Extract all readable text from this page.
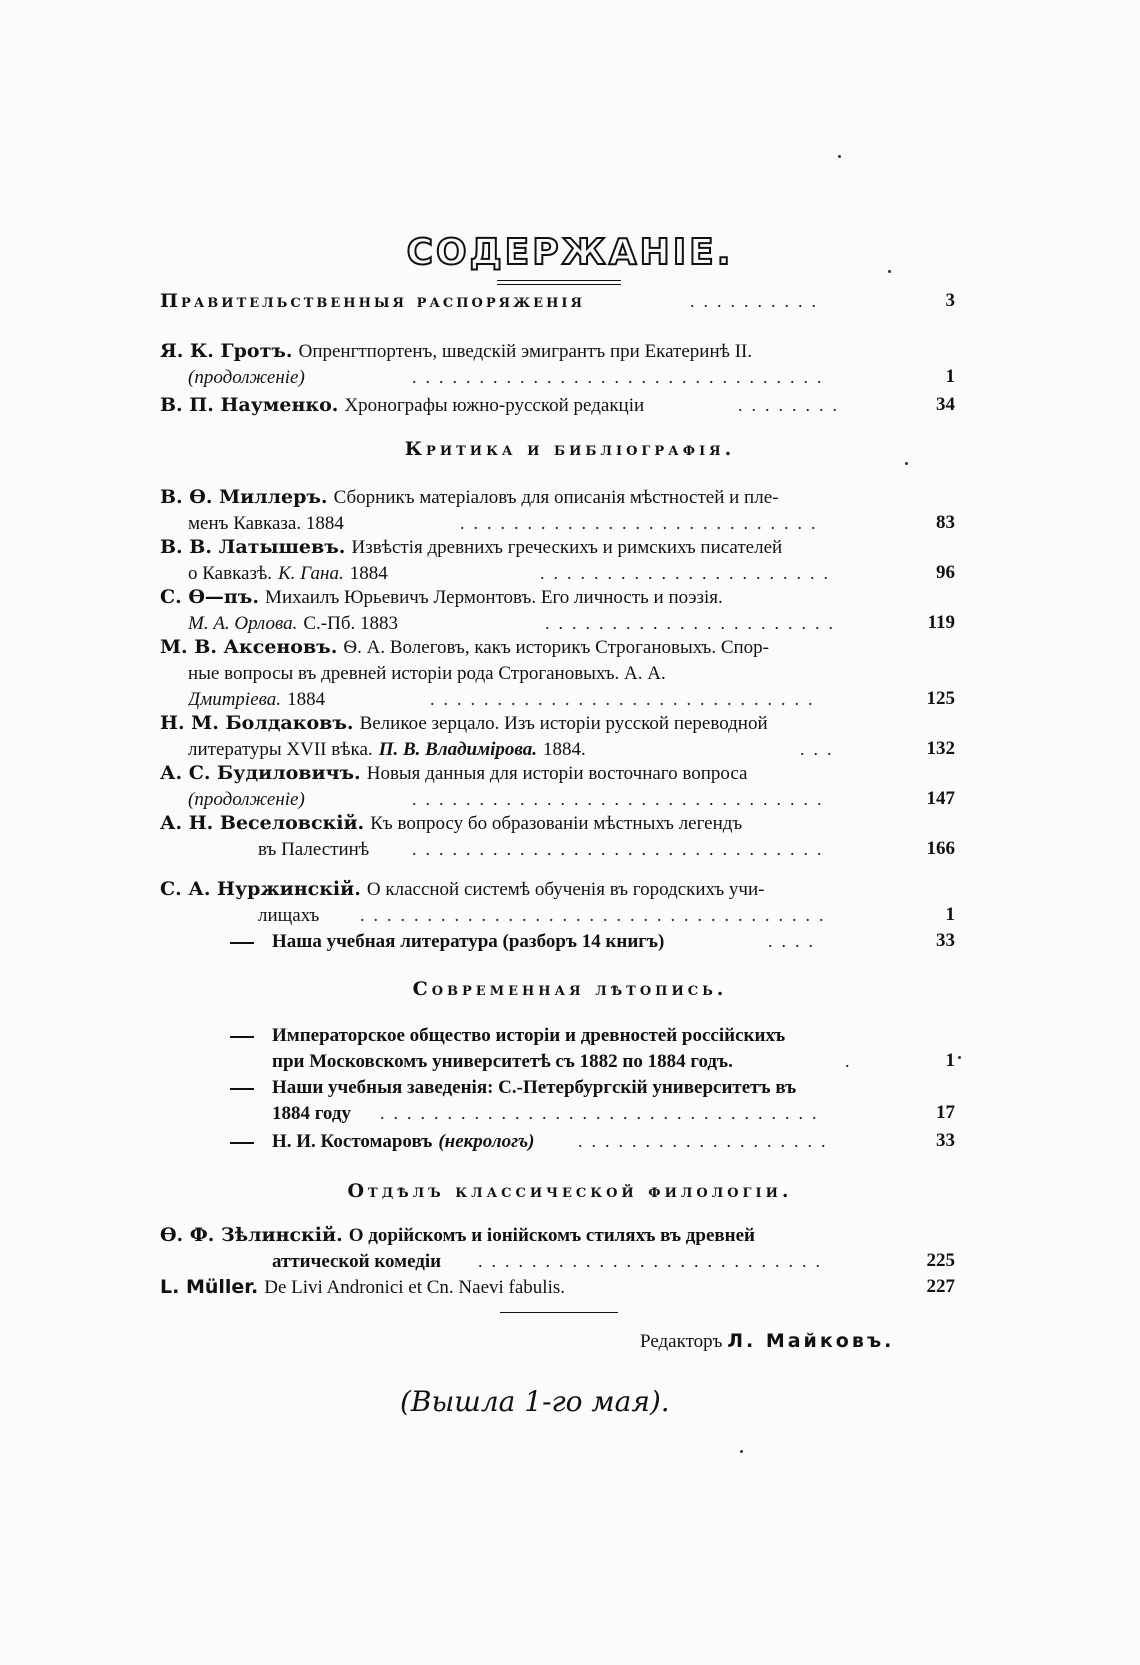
СОДЕРЖАНІЕ.
Правительственныя распоряженія	..........	3
Я. К. Гротъ. Опренгтпортенъ, шведскій эмигрантъ при Екатеринѣ II.
(продолженіе)	...............................	1
В. П. Науменко. Хронографы южно-русской редакціи	........	34
Критика и библіографія.
В. Ѳ. Миллеръ. Сборникъ матеріаловъ для описанія мѣстностей и пле-
менъ Кавказа. 1884	...........................	83
В. В. Латышевъ. Извѣстія древнихъ греческихъ и римскихъ писателей
о Кавказѣ. К. Гана. 1884	......................	96
С. Ѳ—пъ. Михаилъ Юрьевичъ Лермонтовъ. Его личность и поэзія.
М. А. Орлова. С.-Пб. 1883	......................	119
М. В. Аксеновъ. Ѳ. А. Волеговъ, какъ историкъ Строгановыхъ. Спор-
ные вопросы въ древней исторіи рода Строгановыхъ. А. А.
Дмитріева. 1884	.............................	125
Н. М. Болдаковъ. Великое зерцало. Изъ исторіи русской переводной
литературы XVII вѣка. П. В. Владимірова. 1884.	...	132
А. С. Будиловичъ. Новыя данныя для исторіи восточнаго вопроса
(продолженіе)	...............................	147
А. Н. Веселовскій. Къ вопросу бо образованіи мѣстныхъ легендъ
въ Палестинѣ	...............................	166
С. А. Нуржинскій. О классной системѣ обученія въ городскихъ учи-
лищахъ	...................................	1
Наша учебная литература (разборъ 14 книгъ)	....	33
Современная лѣтопись.
Императорское общество исторіи и древностей россійскихъ
при Московскомъ университетѣ съ 1882 по 1884 годъ.	.	1
Наши учебныя заведенія: С.-Петербургскій университетъ въ
1884 году	.................................	17
Н. И. Костомаровъ (некрологъ)	...................	33
Отдѣлъ классической филологіи.
Ѳ. Ф. Зѣлинскій. О дорійскомъ и іонійскомъ стиляхъ въ древней
аттической комедіи	..........................	225
L. Müller. De Livi Andronici et Cn. Naevi fabulis.	227
Редакторъ Л. Майковъ.
(Вышла 1-го мая).
